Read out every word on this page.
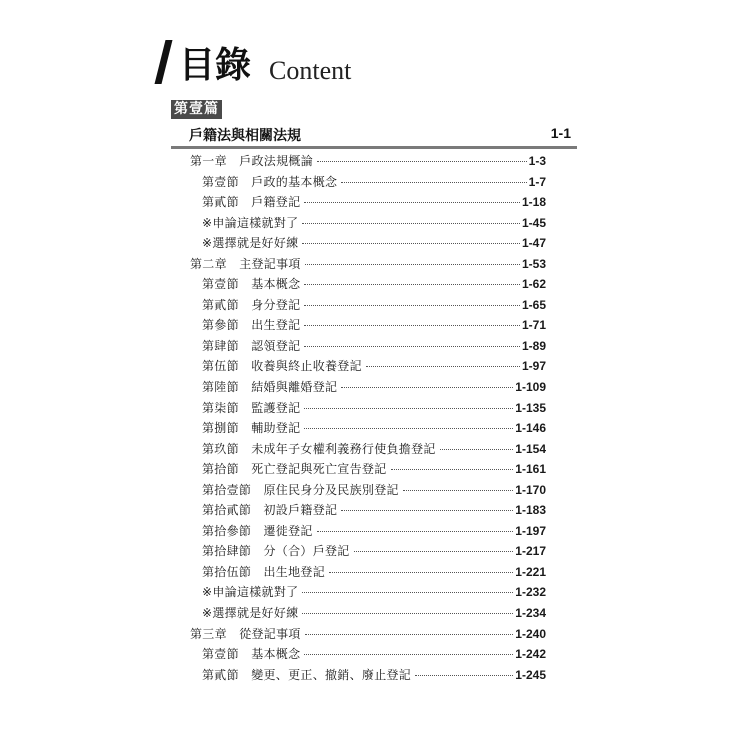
目錄 Content
第壹篇
戶籍法與相關法規	1-1
第一章　戶政法規概論	1-3
第壹節　戶政的基本概念	1-7
第貳節　戶籍登記	1-18
※申論這樣就對了	1-45
※選擇就是好好練	1-47
第二章　主登記事項	1-53
第壹節　基本概念	1-62
第貳節　身分登記	1-65
第參節　出生登記	1-71
第肆節　認領登記	1-89
第伍節　收養與終止收養登記	1-97
第陸節　結婚與離婚登記	1-109
第柒節　監護登記	1-135
第捌節　輔助登記	1-146
第玖節　未成年子女權利義務行使負擔登記	1-154
第拾節　死亡登記與死亡宣告登記	1-161
第拾壹節　原住民身分及民族別登記	1-170
第拾貳節　初設戶籍登記	1-183
第拾參節　遷徙登記	1-197
第拾肆節　分（合）戶登記	1-217
第拾伍節　出生地登記	1-221
※申論這樣就對了	1-232
※選擇就是好好練	1-234
第三章　從登記事項	1-240
第壹節　基本概念	1-242
第貳節　變更、更正、撤銷、廢止登記	1-245
